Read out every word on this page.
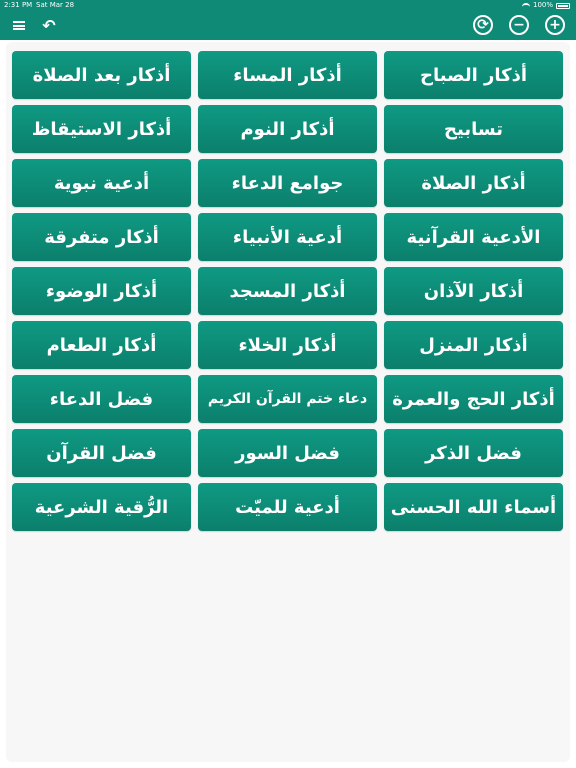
2:31 PM Sat Mar 28	100%
↶	⟳ − +
أذكار الصباح
أذكار المساء
أذكار بعد الصلاة
تسابيح
أذكار النوم
أذكار الاستيقاظ
أذكار الصلاة
جوامع الدعاء
أدعية نبوية
الأدعية القرآنية
أدعية الأنبياء
أذكار متفرقة
أذكار الآذان
أذكار المسجد
أذكار الوضوء
أذكار المنزل
أذكار الخلاء
أذكار الطعام
أذكار الحج والعمرة
دعاء ختم القرآن الكريم
فضل الدعاء
فضل الذكر
فضل السور
فضل القرآن
أسماء الله الحسنى
أدعية للميّت
الرُّقية الشرعية
